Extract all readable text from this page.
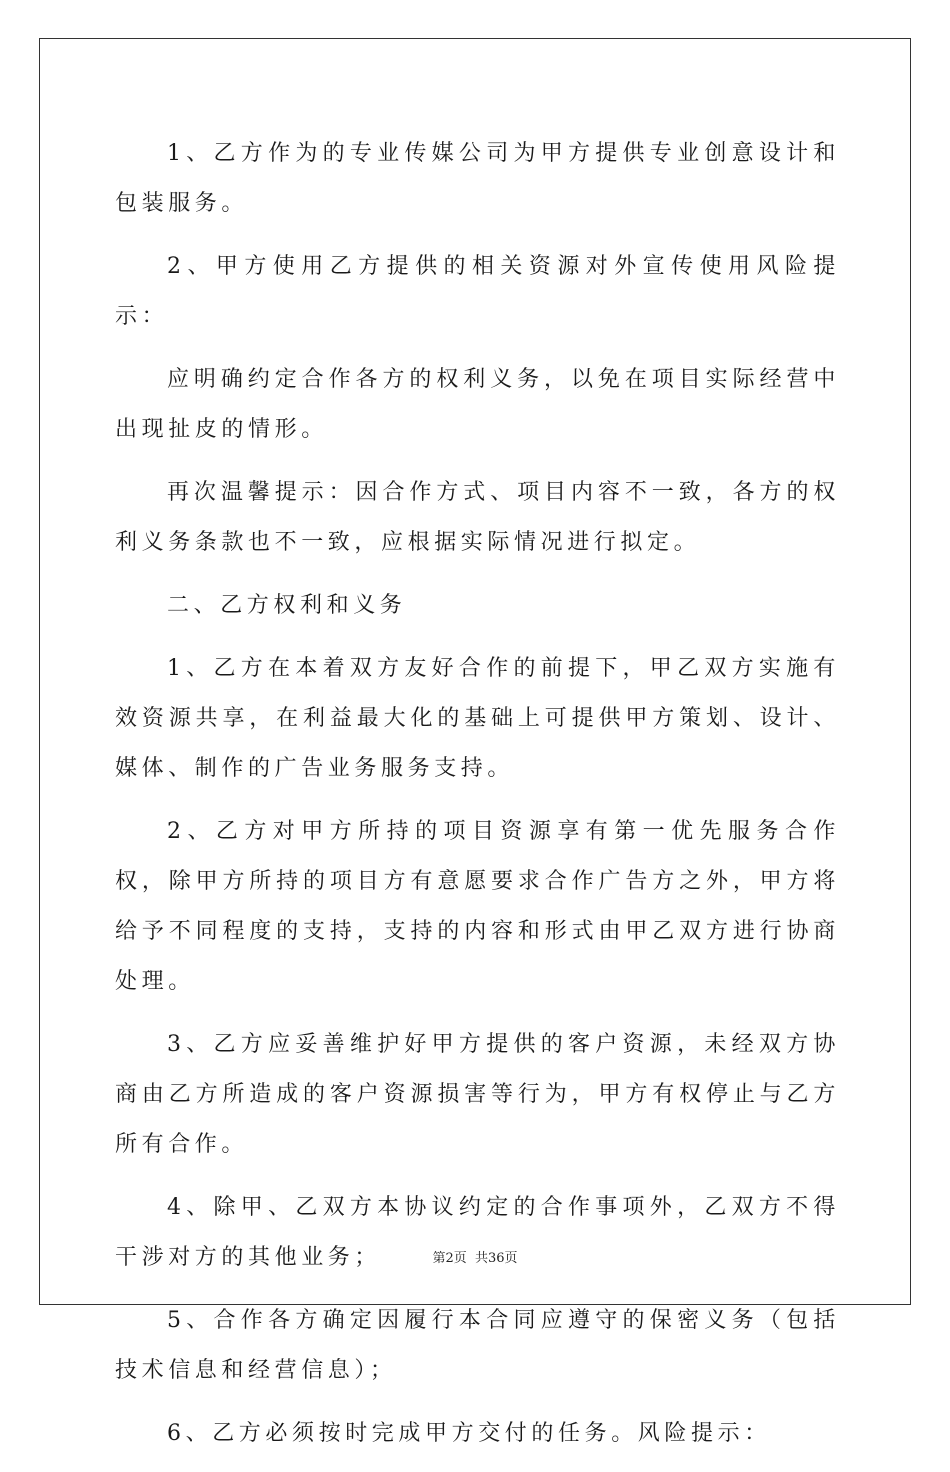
1、乙方作为的专业传媒公司为甲方提供专业创意设计和包装服务。

2、甲方使用乙方提供的相关资源对外宣传使用风险提示：

应明确约定合作各方的权利义务，以免在项目实际经营中出现扯皮的情形。

再次温馨提示：因合作方式、项目内容不一致，各方的权利义务条款也不一致，应根据实际情况进行拟定。

二、乙方权利和义务

1、乙方在本着双方友好合作的前提下，甲乙双方实施有效资源共享，在利益最大化的基础上可提供甲方策划、设计、媒体、制作的广告业务服务支持。

2、乙方对甲方所持的项目资源享有第一优先服务合作权，除甲方所持的项目方有意愿要求合作广告方之外，甲方将给予不同程度的支持，支持的内容和形式由甲乙双方进行协商处理。

3、乙方应妥善维护好甲方提供的客户资源，未经双方协商由乙方所造成的客户资源损害等行为，甲方有权停止与乙方所有合作。

4、除甲、乙双方本协议约定的合作事项外，乙双方不得干涉对方的其他业务；

5、合作各方确定因履行本合同应遵守的保密义务（包括技术信息和经营信息）；

6、乙方必须按时完成甲方交付的任务。风险提示：

第2页 共36页
